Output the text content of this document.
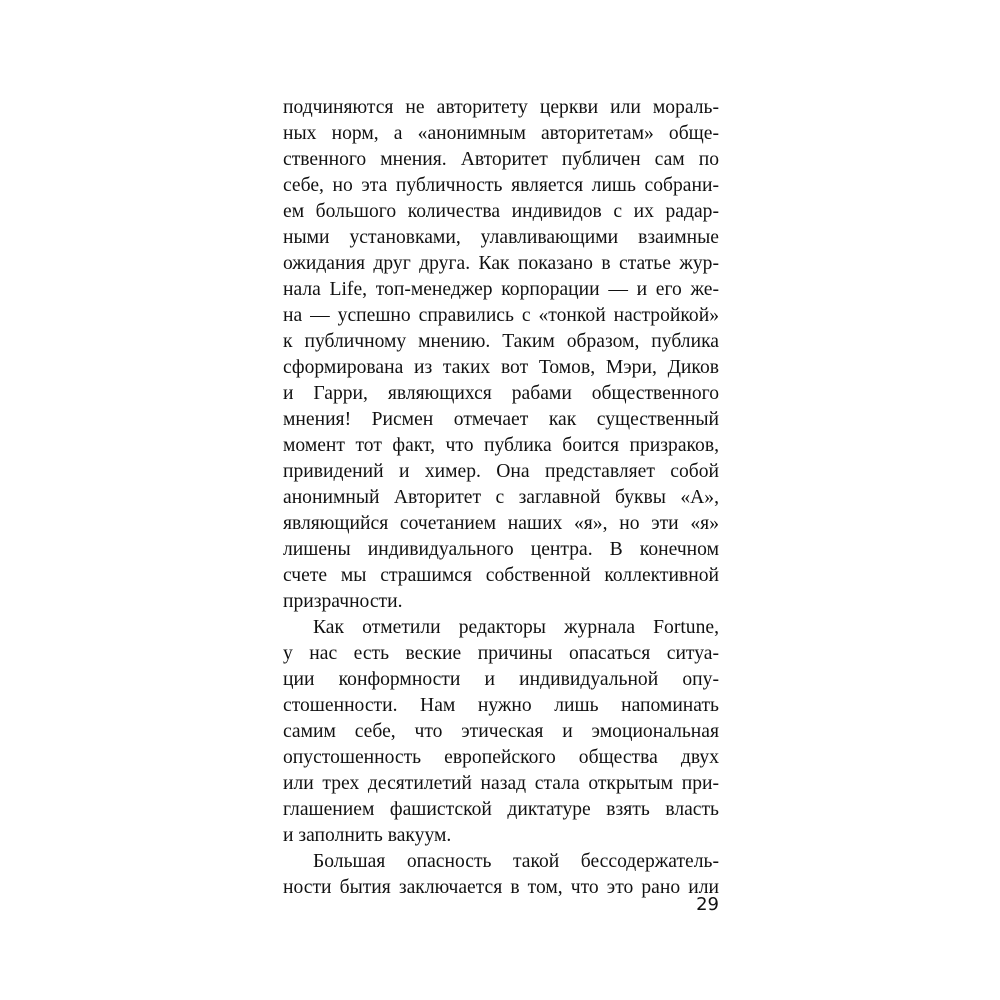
подчиняются не авторитету церкви или мораль-
ных норм, а «анонимным авторитетам» обще-
ственного мнения. Авторитет публичен сам по
себе, но эта публичность является лишь собрани-
ем большого количества индивидов с их радар-
ными установками, улавливающими взаимные
ожидания друг друга. Как показано в статье жур-
нала Life, топ-менеджер корпорации — и его же-
на — успешно справились с «тонкой настройкой»
к публичному мнению. Таким образом, публика
сформирована из таких вот Томов, Мэри, Диков
и Гарри, являющихся рабами общественного
мнения! Рисмен отмечает как существенный
момент тот факт, что публика боится призраков,
привидений и химер. Она представляет собой
анонимный Авторитет с заглавной буквы «А»,
являющийся сочетанием наших «я», но эти «я»
лишены индивидуального центра. В конечном
счете мы страшимся собственной коллективной
призрачности.
Как отметили редакторы журнала Fortune,
у нас есть веские причины опасаться ситуа-
ции конформности и индивидуальной опу-
стошенности. Нам нужно лишь напоминать
самим себе, что этическая и эмоциональная
опустошенность европейского общества двух
или трех десятилетий назад стала открытым при-
глашением фашистской диктатуре взять власть
и заполнить вакуум.
Большая опасность такой бессодержатель-
ности бытия заключается в том, что это рано или
29
